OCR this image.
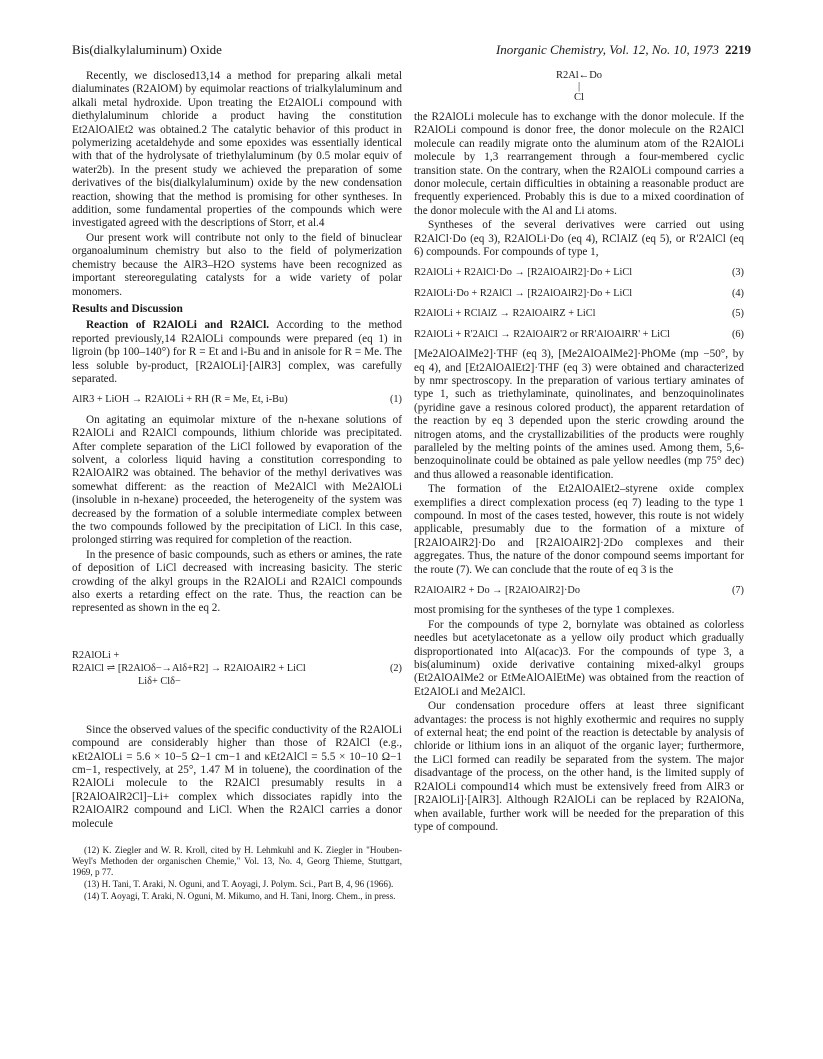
Bis(dialkylaluminum) Oxide	Inorganic Chemistry, Vol. 12, No. 10, 1973 2219

Recently, we disclosed13,14 a method for preparing alkali metal dialuminates (R2AlOM) by equimolar reactions of trialkylaluminum and alkali metal hydroxide. Upon treating the Et2AlOLi compound with diethylaluminum chloride a product having the constitution Et2AlOAlEt2 was obtained.2 The catalytic behavior of this product in polymerizing acetaldehyde and some epoxides was essentially identical with that of the hydrolysate of triethylaluminum (by 0.5 molar equiv of water2b). In the present study we achieved the preparation of some derivatives of the bis(dialkylaluminum) oxide by the new condensation reaction, showing that the method is promising for other syntheses. In addition, some fundamental properties of the compounds which were investigated agreed with the descriptions of Storr, et al.4

Our present work will contribute not only to the field of binuclear organoaluminum chemistry but also to the field of polymerization chemistry because the AlR3–H2O systems have been recognized as important stereoregulating catalysts for a wide variety of polar monomers.

Results and Discussion

Reaction of R2AlOLi and R2AlCl. According to the method reported previously,14 R2AlOLi compounds were prepared (eq 1) in ligroin (bp 100–140°) for R = Et and i-Bu and in anisole for R = Me. The less soluble by-product, [R2AlOLi]·[AlR3] complex, was carefully separated.

AlR3 + LiOH → R2AlOLi + RH (R = Me, Et, i-Bu)	(1)

On agitating an equimolar mixture of the n-hexane solutions of R2AlOLi and R2AlCl compounds, lithium chloride was precipitated. After complete separation of the LiCl followed by evaporation of the solvent, a colorless liquid having a constitution corresponding to R2AlOAlR2 was obtained. The behavior of the methyl derivatives was somewhat different: as the reaction of Me2AlCl with Me2AlOLi (insoluble in n-hexane) proceeded, the heterogeneity of the system was decreased by the formation of a soluble intermediate complex between the two compounds followed by the precipitation of LiCl. In this case, prolonged stirring was required for completion of the reaction.

In the presence of basic compounds, such as ethers or amines, the rate of deposition of LiCl decreased with increasing basicity. The steric crowding of the alkyl groups in the R2AlOLi and R2AlCl compounds also exerts a retarding effect on the rate. Thus, the reaction can be represented as shown in the eq 2.

R2AlOLi +
R2AlCl ⇌ [R2AlOδ−→Alδ+R2] → R2AlOAlR2 + LiCl	(2)
Liδ+ Clδ−

Since the observed values of the specific conductivity of the R2AlOLi compound are considerably higher than those of R2AlCl (e.g., κEt2AlOLi = 5.6 × 10−5 Ω−1 cm−1 and κEt2AlCl = 5.5 × 10−10 Ω−1 cm−1, respectively, at 25°, 1.47 M in toluene), the coordination of the R2AlOLi molecule to the R2AlCl presumably results in a [R2AlOAlR2Cl]−Li+ complex which dissociates rapidly into the R2AlOAlR2 compound and LiCl. When the R2AlCl carries a donor molecule

(12) K. Ziegler and W. R. Kroll, cited by H. Lehmkuhl and K. Ziegler in "Houben-Weyl's Methoden der organischen Chemie," Vol. 13, No. 4, Georg Thieme, Stuttgart, 1969, p 77.

(13) H. Tani, T. Araki, N. Oguni, and T. Aoyagi, J. Polym. Sci., Part B, 4, 96 (1966).

(14) T. Aoyagi, T. Araki, N. Oguni, M. Mikumo, and H. Tani, Inorg. Chem., in press.

R2Al←Do
|
Cl

the R2AlOLi molecule has to exchange with the donor molecule. If the R2AlOLi compound is donor free, the donor molecule on the R2AlCl molecule can readily migrate onto the aluminum atom of the R2AlOLi molecule by 1,3 rearrangement through a four-membered cyclic transition state. On the contrary, when the R2AlOLi compound carries a donor molecule, certain difficulties in obtaining a reasonable product are frequently experienced. Probably this is due to a mixed coordination of the donor molecule with the Al and Li atoms.

Syntheses of the several derivatives were carried out using R2AlCl·Do (eq 3), R2AlOLi·Do (eq 4), RClAlZ (eq 5), or R'2AlCl (eq 6) compounds. For compounds of type 1,

R2AlOLi + R2AlCl·Do → [R2AlOAlR2]·Do + LiCl	(3)
R2AlOLi·Do + R2AlCl → [R2AlOAlR2]·Do + LiCl	(4)
R2AlOLi + RClAlZ → R2AlOAlRZ + LiCl	(5)
R2AlOLi + R'2AlCl → R2AlOAlR'2 or RR'AlOAlRR' + LiCl	(6)

[Me2AlOAlMe2]·THF (eq 3), [Me2AlOAlMe2]·PhOMe (mp −50°, by eq 4), and [Et2AlOAlEt2]·THF (eq 3) were obtained and characterized by nmr spectroscopy. In the preparation of various tertiary aminates of type 1, such as triethylaminate, quinolinates, and benzoquinolinates (pyridine gave a resinous colored product), the apparent retardation of the reaction by eq 3 depended upon the steric crowding around the nitrogen atoms, and the crystallizabilities of the products were roughly paralleled by the melting points of the amines used. Among them, 5,6-benzoquinolinate could be obtained as pale yellow needles (mp 75° dec) and thus allowed a reasonable identification.

The formation of the Et2AlOAlEt2–styrene oxide complex exemplifies a direct complexation process (eq 7) leading to the type 1 compound. In most of the cases tested, however, this route is not widely applicable, presumably due to the formation of a mixture of [R2AlOAlR2]·Do and [R2AlOAlR2]·2Do complexes and their aggregates. Thus, the nature of the donor compound seems important for the route (7). We can conclude that the route of eq 3 is the

R2AlOAlR2 + Do → [R2AlOAlR2]·Do	(7)

most promising for the syntheses of the type 1 complexes.

For the compounds of type 2, bornylate was obtained as colorless needles but acetylacetonate as a yellow oily product which gradually disproportionated into Al(acac)3. For the compounds of type 3, a bis(aluminum) oxide derivative containing mixed-alkyl groups (Et2AlOAlMe2 or EtMeAlOAlEtMe) was obtained from the reaction of Et2AlOLi and Me2AlCl.

Our condensation procedure offers at least three significant advantages: the process is not highly exothermic and requires no supply of external heat; the end point of the reaction is detectable by analysis of chloride or lithium ions in an aliquot of the organic layer; furthermore, the LiCl formed can readily be separated from the system. The major disadvantage of the process, on the other hand, is the limited supply of R2AlOLi compound14 which must be extensively freed from AlR3 or [R2AlOLi]·[AlR3]. Although R2AlOLi can be replaced by R2AlONa, when available, further work will be needed for the preparation of this type of compound.
